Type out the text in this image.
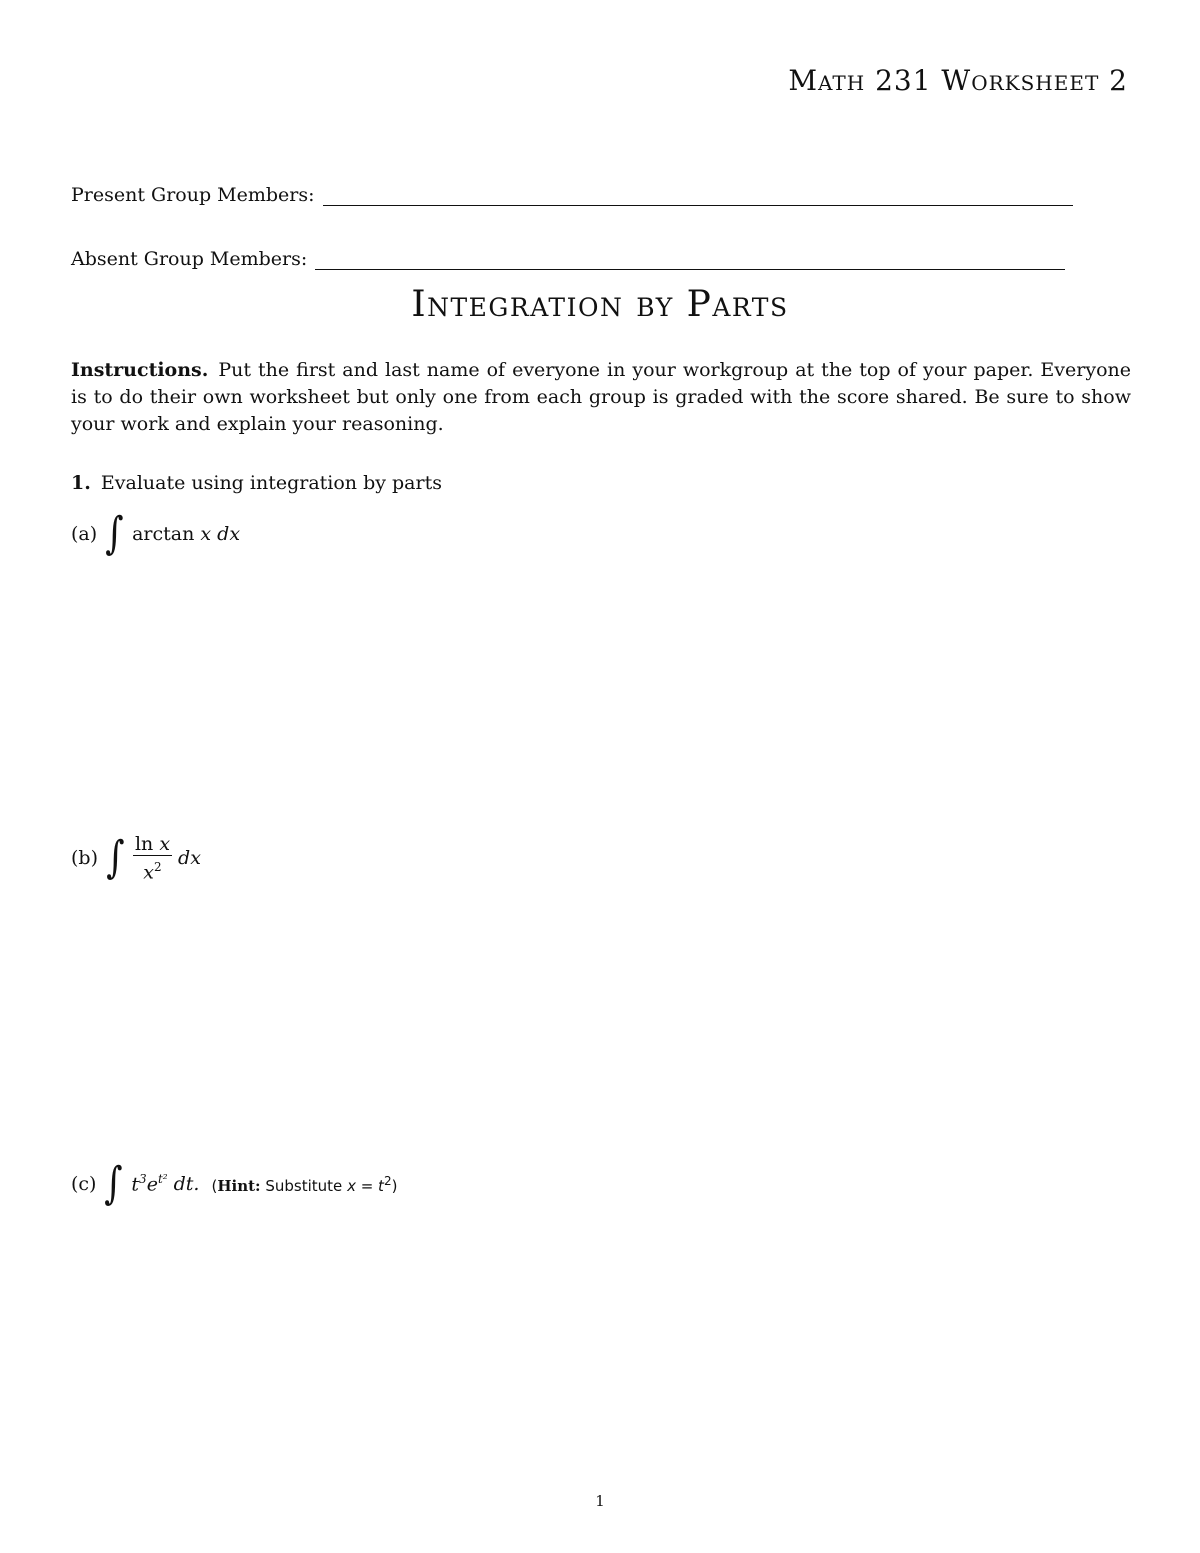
Math 231 Worksheet 2
Present Group Members:
Absent Group Members:
Integration by Parts
Instructions. Put the first and last name of everyone in your workgroup at the top of your paper. Everyone is to do their own worksheet but only one from each group is graded with the score shared. Be sure to show your work and explain your reasoning.
1. Evaluate using integration by parts
(a) ∫ arctan
x
dx
(b) ∫ $\frac{\text{ln x}}{x^2}$ dx
(c) ∫ $t^3e^{t^2}$
dt. (Hint: Substitute $x = t^2$)
1
